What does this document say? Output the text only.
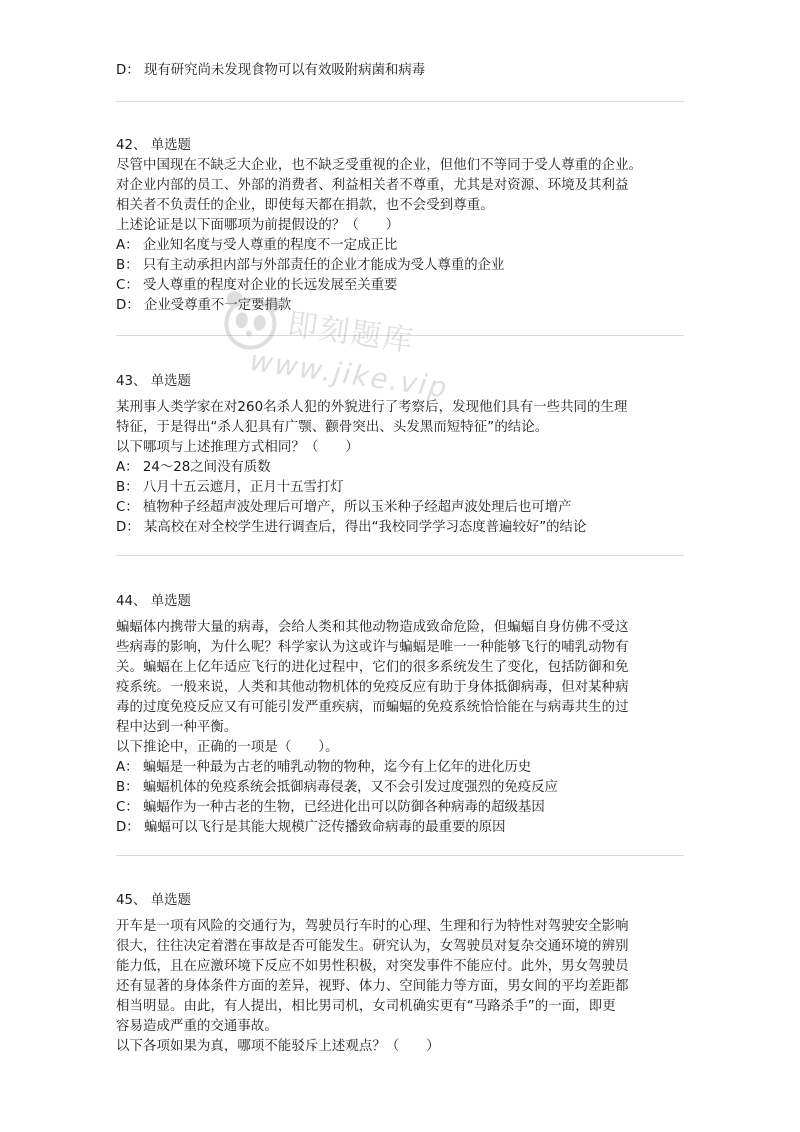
D： 现有研究尚未发现食物可以有效吸附病菌和病毒
42、 单选题
尽管中国现在不缺乏大企业，也不缺乏受重视的企业，但他们不等同于受人尊重的企业。
对企业内部的员工、外部的消费者、利益相关者不尊重，尤其是对资源、环境及其利益
相关者不负责任的企业，即使每天都在捐款，也不会受到尊重。
上述论证是以下面哪项为前提假设的？（　　）
A： 企业知名度与受人尊重的程度不一定成正比
B： 只有主动承担内部与外部责任的企业才能成为受人尊重的企业
C： 受人尊重的程度对企业的长远发展至关重要
D： 企业受尊重不一定要捐款
43、 单选题
某刑事人类学家在对260名杀人犯的外貌进行了考察后，发现他们具有一些共同的生理
特征，于是得出“杀人犯具有广颚、颧骨突出、头发黑而短特征”的结论。
以下哪项与上述推理方式相同？（　　）
A： 24～28之间没有质数
B： 八月十五云遮月，正月十五雪打灯
C： 植物种子经超声波处理后可增产，所以玉米种子经超声波处理后也可增产
D： 某高校在对全校学生进行调查后，得出“我校同学学习态度普遍较好”的结论
44、 单选题
蝙蝠体内携带大量的病毒，会给人类和其他动物造成致命危险，但蝙蝠自身仿佛不受这
些病毒的影响，为什么呢？科学家认为这或许与蝙蝠是唯一一种能够飞行的哺乳动物有
关。蝙蝠在上亿年适应飞行的进化过程中，它们的很多系统发生了变化，包括防御和免
疫系统。一般来说，人类和其他动物机体的免疫反应有助于身体抵御病毒，但对某种病
毒的过度免疫反应又有可能引发严重疾病，而蝙蝠的免疫系统恰恰能在与病毒共生的过
程中达到一种平衡。
以下推论中，正确的一项是（　　）。
A： 蝙蝠是一种最为古老的哺乳动物的物种，迄今有上亿年的进化历史
B： 蝙蝠机体的免疫系统会抵御病毒侵袭，又不会引发过度强烈的免疫反应
C： 蝙蝠作为一种古老的生物，已经进化出可以防御各种病毒的超级基因
D： 蝙蝠可以飞行是其能大规模广泛传播致命病毒的最重要的原因
45、 单选题
开车是一项有风险的交通行为，驾驶员行车时的心理、生理和行为特性对驾驶安全影响
很大，往往决定着潜在事故是否可能发生。研究认为，女驾驶员对复杂交通环境的辨别
能力低，且在应激环境下反应不如男性积极，对突发事件不能应付。此外，男女驾驶员
还有显著的身体条件方面的差异，视野、体力、空间能力等方面，男女间的平均差距都
相当明显。由此，有人提出，相比男司机，女司机确实更有“马路杀手”的一面，即更
容易造成严重的交通事故。
以下各项如果为真，哪项不能驳斥上述观点？（　　）
即刻题库
www.jike.vip
